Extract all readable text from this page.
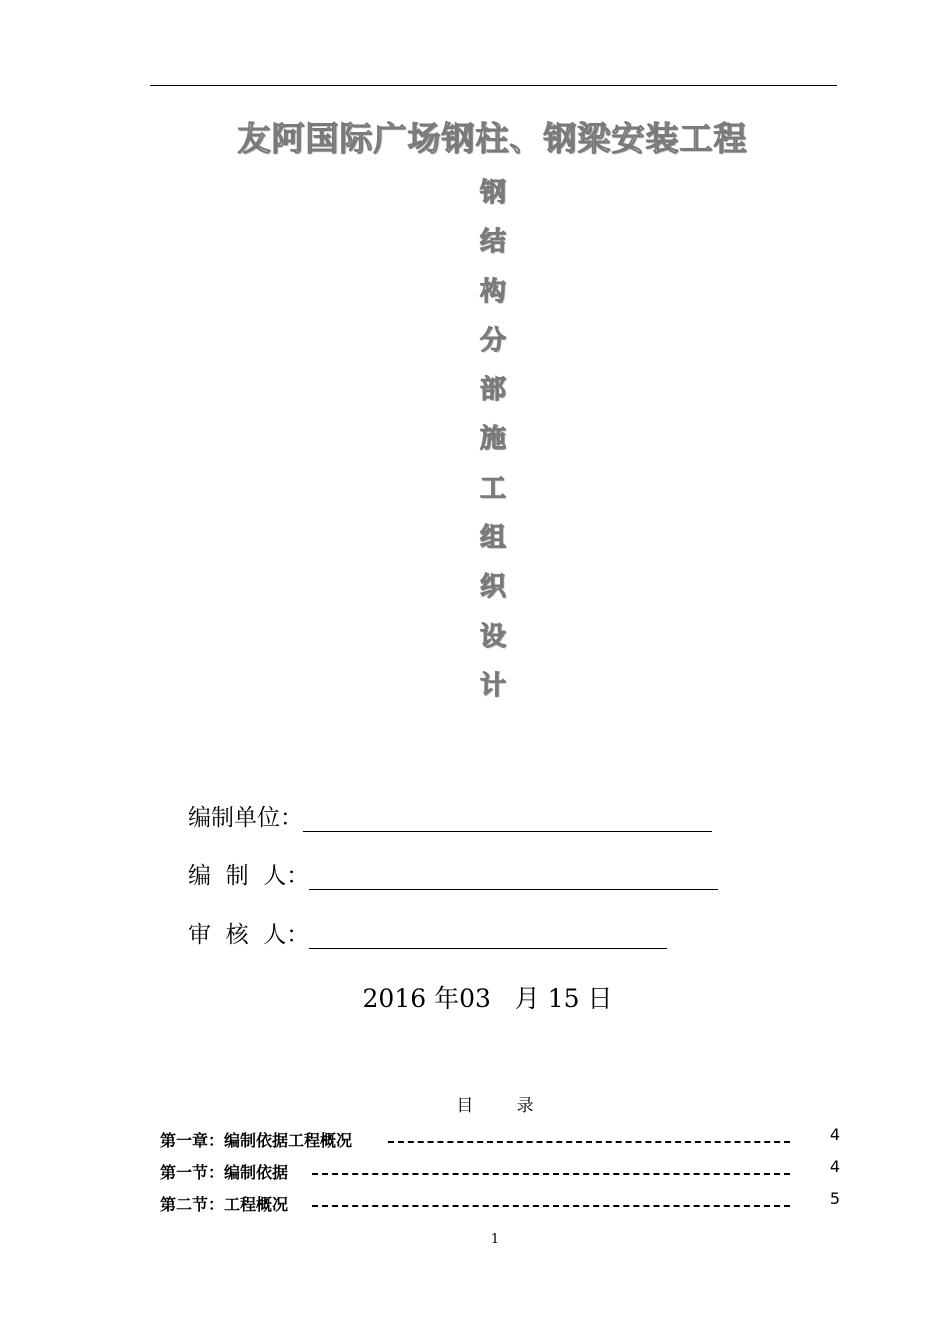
友阿国际广场钢柱、钢梁安装工程
钢
结
构
分
部
施
工
组
织
设
计
编制单位：
编  制  人：
审  核  人：
2016 年03   月 15 日
目        录
第一章：编制依据工程概况	4
第一节：编制依据	4
第二节：工程概况	5
1
